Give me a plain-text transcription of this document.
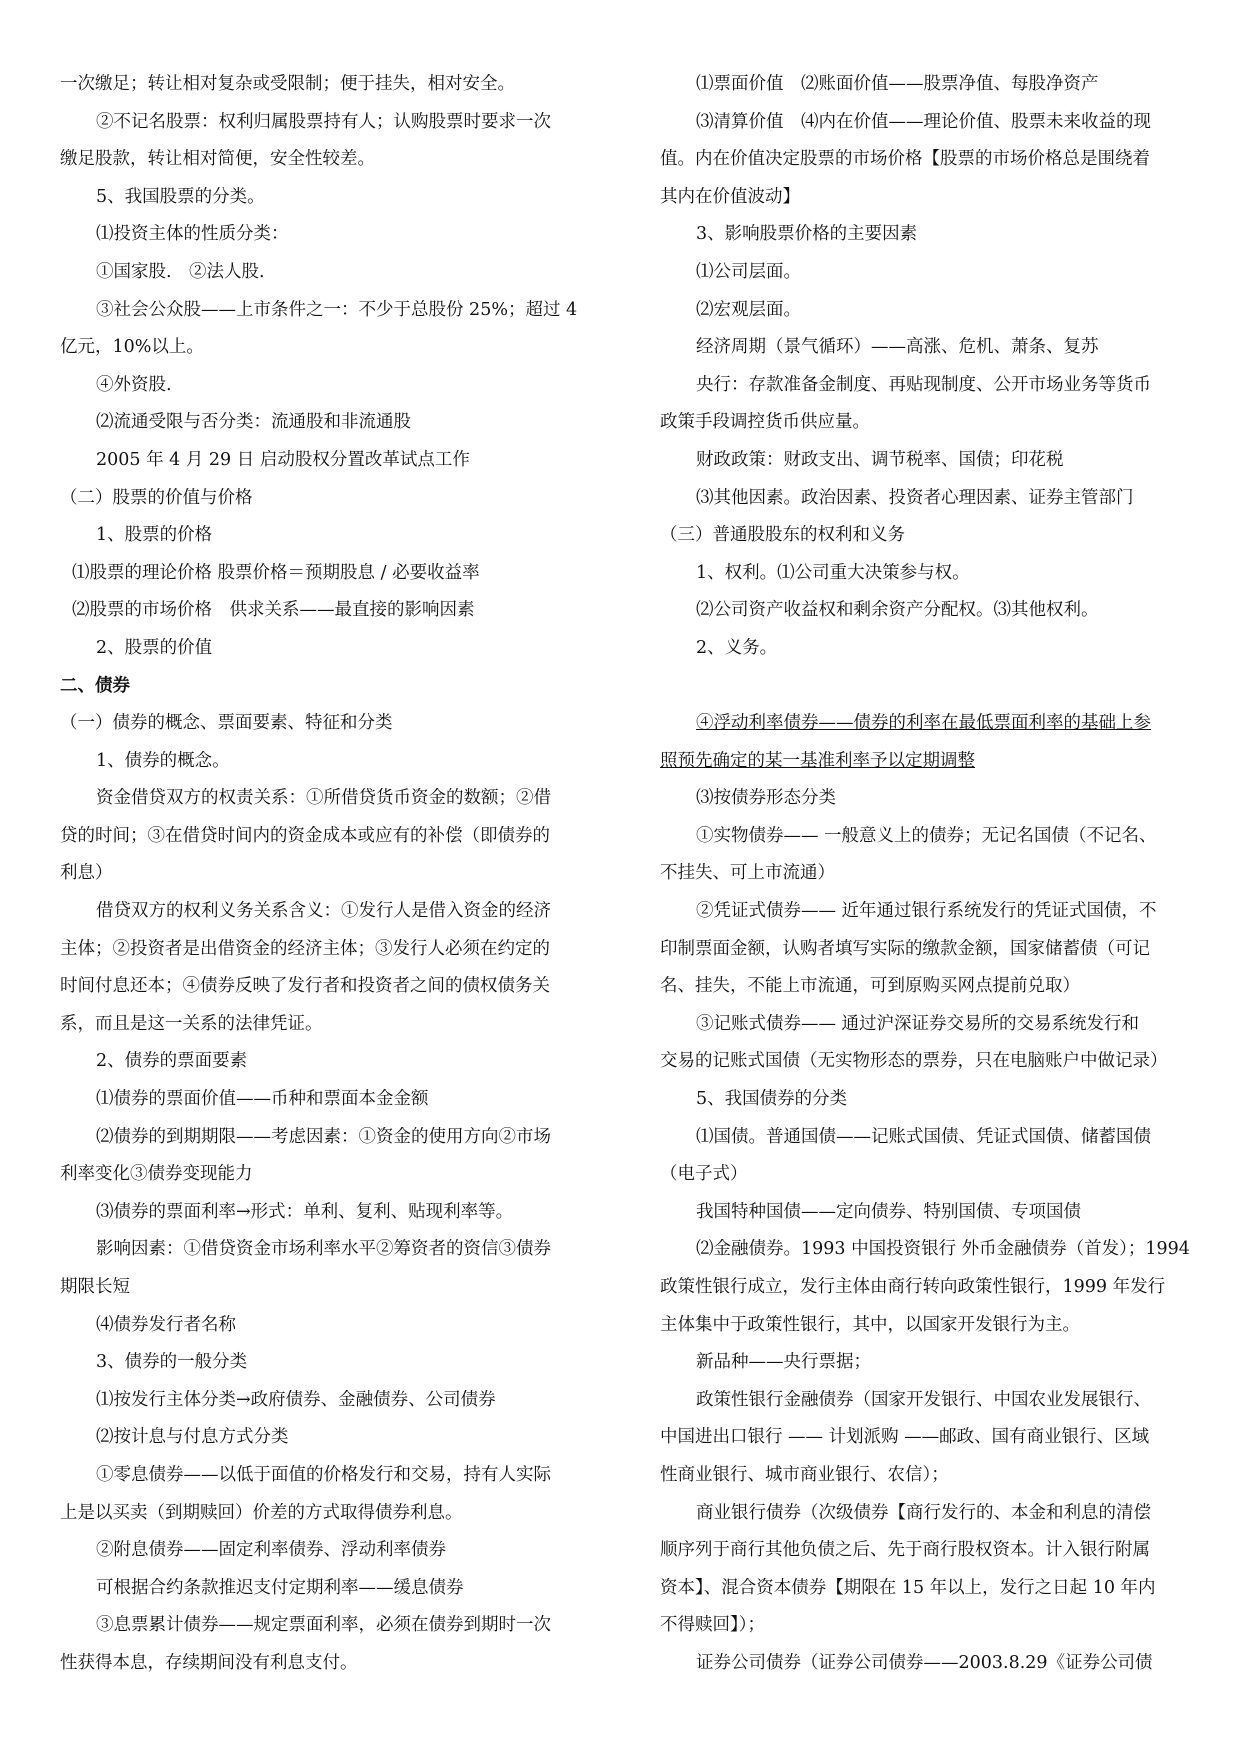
一次缴足；转让相对复杂或受限制；便于挂失，相对安全。
②不记名股票：权利归属股票持有人；认购股票时要求一次
缴足股款，转让相对简便，安全性较差。
5、我国股票的分类。
⑴投资主体的性质分类：
①国家股.　②法人股.
③社会公众股——上市条件之一：不少于总股份 25%；超过 4
亿元，10%以上。
④外资股.
⑵流通受限与否分类：流通股和非流通股
2005 年 4 月 29 日 启动股权分置改革试点工作
（二）股票的价值与价格
1、股票的价格
⑴股票的理论价格 股票价格＝预期股息 / 必要收益率
⑵股票的市场价格　供求关系——最直接的影响因素
2、股票的价值
二、债券
（一）债券的概念、票面要素、特征和分类
1、债券的概念。
资金借贷双方的权责关系：①所借贷货币资金的数额；②借
贷的时间；③在借贷时间内的资金成本或应有的补偿（即债券的
利息）
借贷双方的权利义务关系含义：①发行人是借入资金的经济
主体；②投资者是出借资金的经济主体；③发行人必须在约定的
时间付息还本；④债券反映了发行者和投资者之间的债权债务关
系，而且是这一关系的法律凭证。
2、债券的票面要素
⑴债券的票面价值——币种和票面本金金额
⑵债券的到期期限——考虑因素：①资金的使用方向②市场
利率变化③债券变现能力
⑶债券的票面利率→形式：单利、复利、贴现利率等。
影响因素：①借贷资金市场利率水平②筹资者的资信③债券
期限长短
⑷债券发行者名称
3、债券的一般分类
⑴按发行主体分类→政府债券、金融债券、公司债券
⑵按计息与付息方式分类
①零息债券——以低于面值的价格发行和交易，持有人实际
上是以买卖（到期赎回）价差的方式取得债券利息。
②附息债券——固定利率债券、浮动利率债券
可根据合约条款推迟支付定期利率——缓息债券
③息票累计债券——规定票面利率，必须在债券到期时一次
性获得本息，存续期间没有利息支付。
⑴票面价值　⑵账面价值——股票净值、每股净资产
⑶清算价值　⑷内在价值——理论价值、股票未来收益的现
值。内在价值决定股票的市场价格【股票的市场价格总是围绕着
其内在价值波动】
3、影响股票价格的主要因素
⑴公司层面。
⑵宏观层面。
经济周期（景气循环）——高涨、危机、萧条、复苏
央行：存款准备金制度、再贴现制度、公开市场业务等货币
政策手段调控货币供应量。
财政政策：财政支出、调节税率、国债；印花税
⑶其他因素。政治因素、投资者心理因素、证券主管部门
（三）普通股股东的权利和义务
1、权利。⑴公司重大决策参与权。
⑵公司资产收益权和剩余资产分配权。⑶其他权利。
2、义务。
④浮动利率债券——债券的利率在最低票面利率的基础上参
照预先确定的某一基准利率予以定期调整
⑶按债券形态分类
①实物债券—— 一般意义上的债券；无记名国债（不记名、
不挂失、可上市流通）
②凭证式债券—— 近年通过银行系统发行的凭证式国债，不
印制票面金额，认购者填写实际的缴款金额，国家储蓄债（可记
名、挂失，不能上市流通，可到原购买网点提前兑取）
③记账式债券—— 通过沪深证券交易所的交易系统发行和
交易的记账式国债（无实物形态的票券，只在电脑账户中做记录）
5、我国债券的分类
⑴国债。普通国债——记账式国债、凭证式国债、储蓄国债
（电子式）
我国特种国债——定向债券、特别国债、专项国债
⑵金融债券。1993 中国投资银行 外币金融债券（首发）；1994
政策性银行成立，发行主体由商行转向政策性银行，1999 年发行
主体集中于政策性银行，其中，以国家开发银行为主。
新品种——央行票据；
政策性银行金融债券（国家开发银行、中国农业发展银行、
中国进出口银行 —— 计划派购 ——邮政、国有商业银行、区域
性商业银行、城市商业银行、农信）；
商业银行债券（次级债券【商行发行的、本金和利息的清偿
顺序列于商行其他负债之后、先于商行股权资本。计入银行附属
资本】、混合资本债券【期限在 15 年以上，发行之日起 10 年内
不得赎回】）；
证券公司债券（证券公司债券——2003.8.29《证券公司债
